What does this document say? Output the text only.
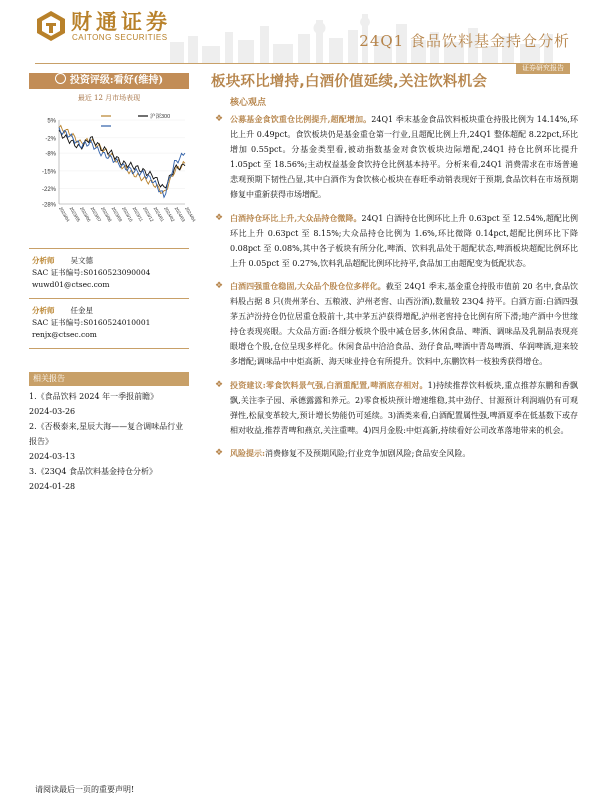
财通证券
CAITONG SECURITIES	24Q1 食品饮料基金持仓分析
证券研究报告
投资评级:看好(维持)
最近 12 月市场表现
5%
-2%
-8%
-15%
-22%
-28%
2023/04
2023/05
2023/06
2023/07
2023/08
2023/09
2023/10
2023/11
2023/12
2024/01
2024/02
2024/03
2024/04
沪深300
分析师 吴文德
SAC 证书编号:S0160523090004
wuwd01@ctsec.com
分析师 任金星
SAC 证书编号:S0160524010001
renjx@ctsec.com
相关报告
1.《食品饮料 2024 年一季报前瞻》
2024-03-26
2.《否极泰来,星辰大海——复合调味品行业报告》
2024-03-13
3.《23Q4 食品饮料基金持仓分析》
2024-01-28
板块环比增持,白酒价值延续,关注饮料机会
核心观点
❖ 公募基金食饮重仓比例提升,超配增加。24Q1 季末基金食品饮料板块重仓持股比例为 14.14%,环比上升 0.49pct。食饮板块仍是基金重仓第一行业,且超配比例上升,24Q1 整体超配 8.22pct,环比增加 0.55pct。分基金类型看,被动指数基金对食饮板块边际增配,24Q1 持仓比例环比提升 1.05pct 至 18.56%;主动权益基金食饮持仓比例基本持平。分析来看,24Q1 消费需求在市场普遍悲观预期下韧性凸显,其中白酒作为食饮核心板块在春旺季动销表现好于预期,食品饮料在市场预期修复中重新获得市场增配。
❖ 白酒持仓环比上升,大众品持仓微降。24Q1 白酒持仓比例环比上升 0.63pct 至 12.54%,超配比例环比上升 0.63pct 至 8.15%;大众品持仓比例为 1.6%,环比微降 0.14pct,超配比例环比下降 0.08pct 至 0.08%,其中各子板块有所分化,啤酒、饮料乳品处于超配状态,啤酒板块超配比例环比上升 0.05pct 至 0.27%,饮料乳品超配比例环比持平,食品加工由超配变为低配状态。
❖ 白酒四强重仓稳固,大众品个股仓位多样化。截至 24Q1 季末,基金重仓持股市值前 20 名中,食品饮料股占据 8 只(贵州茅台、五粮液、泸州老窖、山西汾酒),数量较 23Q4 持平。白酒方面:白酒四强茅五泸汾持仓仍位居重仓股前十,其中茅五泸获得增配,泸州老窖持仓比例有所下滑;地产酒中今世缘持仓表现亮眼。大众品方面:各细分板块个股中减仓居多,休闲食品、啤酒、调味品及乳制品表现亮眼增仓个股,仓位呈现多样化。休闲食品中洽洽食品、劲仔食品,啤酒中青岛啤酒、华润啤酒,迎来较多增配;调味品中中炬高新、海天味业持仓有所提升。饮料中,东鹏饮料一枝独秀获得增仓。
❖ 投资建议:零食饮料景气强,白酒重配置,啤酒底存相对。1)持续推荐饮料板块,重点推荐东鹏和香飘飘,关注李子园、承德露露和养元。2)零食板块预计增速维稳,其中劲仔、甘源预计利润端仍有可观弹性,松鼠变革较大,预计增长势能仍可延续。3)酒类来看,白酒配置属性强,啤酒夏季在低基数下或存相对收益,推荐青啤和燕京,关注重啤。4)四月金股:中炬高新,持续看好公司改革落地带来的机会。
❖ 风险提示:消费修复不及预期风险;行业竞争加剧风险;食品安全风险。
请阅读最后一页的重要声明!
